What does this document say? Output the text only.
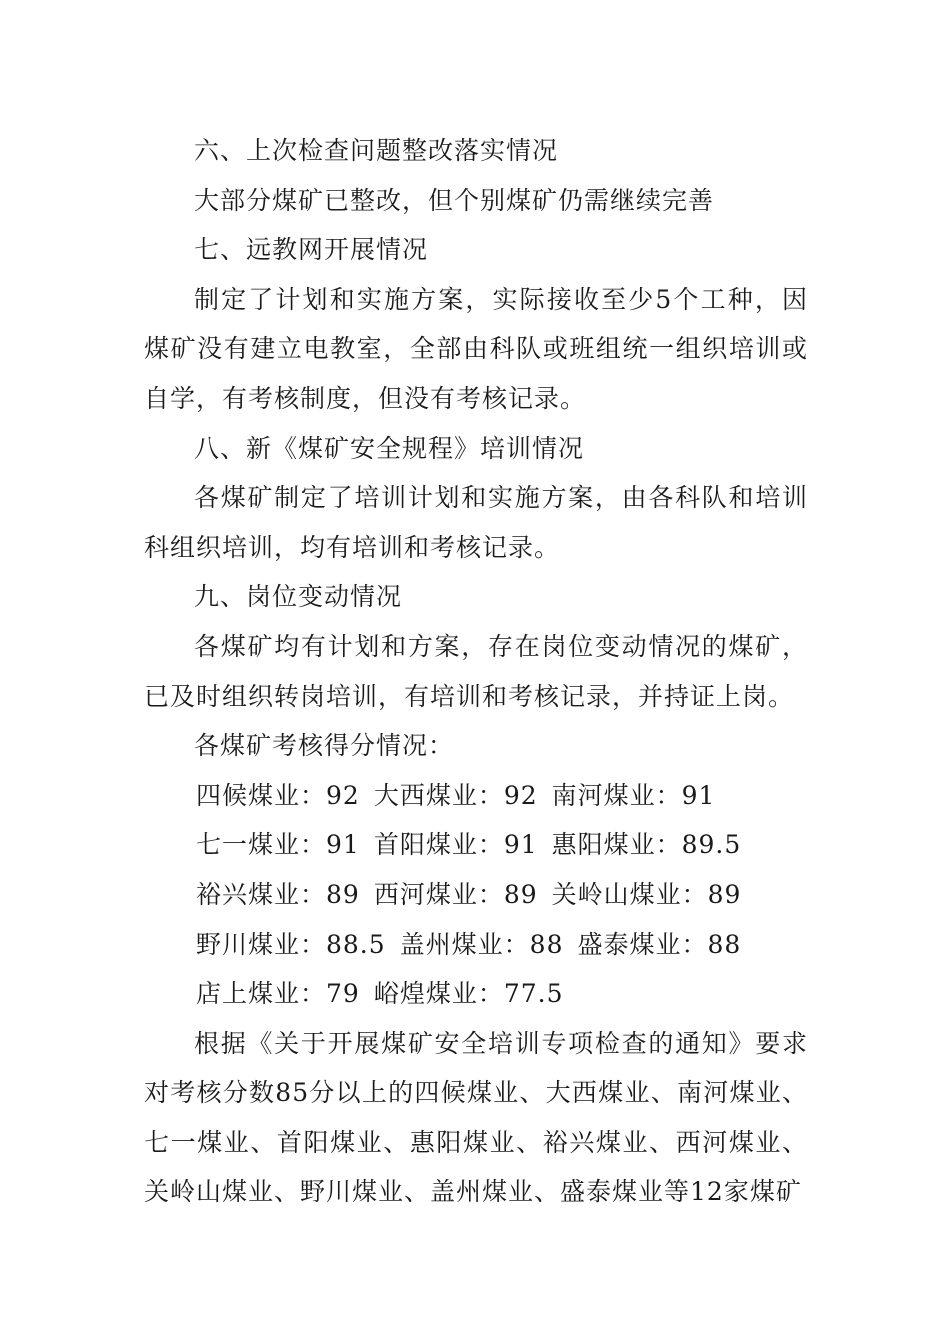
六、上次检查问题整改落实情况

大部分煤矿已整改，但个别煤矿仍需继续完善

七、远教网开展情况

制定了计划和实施方案，实际接收至少5个工种，因煤矿没有建立电教室，全部由科队或班组统一组织培训或自学，有考核制度，但没有考核记录。

八、新《煤矿安全规程》培训情况

各煤矿制定了培训计划和实施方案，由各科队和培训科组织培训，均有培训和考核记录。

九、岗位变动情况

各煤矿均有计划和方案，存在岗位变动情况的煤矿，已及时组织转岗培训，有培训和考核记录，并持证上岗。

各煤矿考核得分情况：

四候煤业：92 大西煤业：92 南河煤业：91

七一煤业：91 首阳煤业：91 惠阳煤业：89.5

裕兴煤业：89 西河煤业：89 关岭山煤业：89

野川煤业：88.5 盖州煤业：88 盛泰煤业：88

店上煤业：79 峪煌煤业：77.5

根据《关于开展煤矿安全培训专项检查的通知》要求对考核分数85分以上的四候煤业、大西煤业、南河煤业、七一煤业、首阳煤业、惠阳煤业、裕兴煤业、西河煤业、关岭山煤业、野川煤业、盖州煤业、盛泰煤业等12家煤矿
